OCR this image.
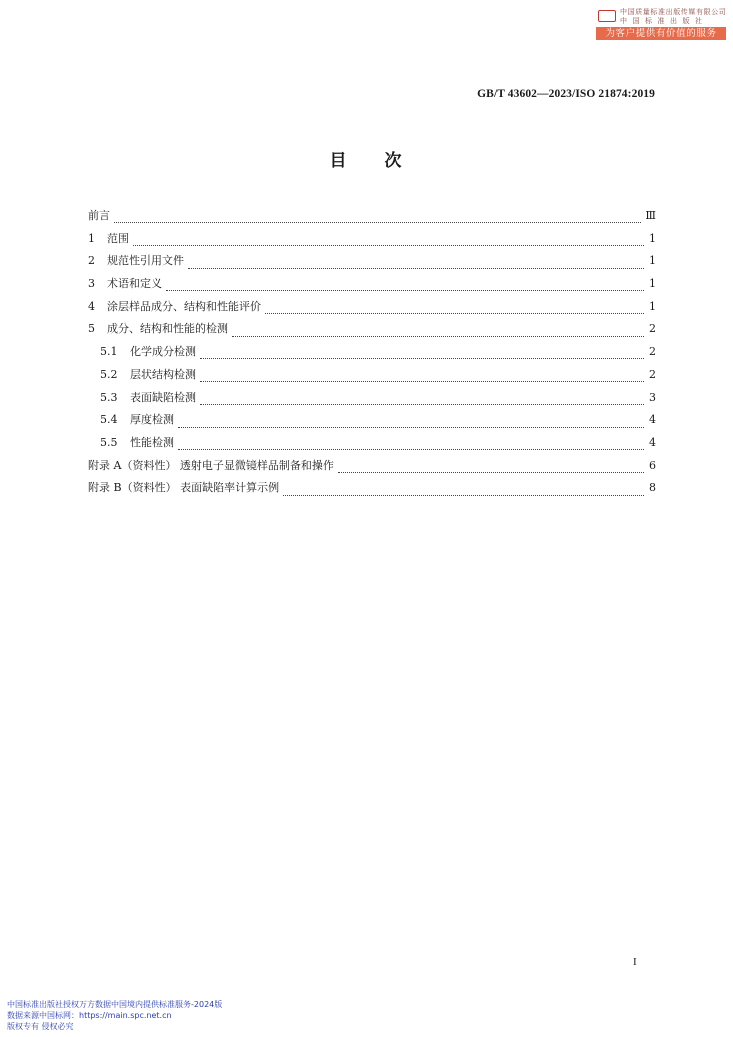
中国质量标准出版传媒有限公司
中国标准出版社
为客户提供有价值的服务
GB/T 43602—2023/ISO 21874:2019
目 次
前言	Ⅲ
1	范围	1
2	规范性引用文件	1
3	术语和定义	1
4	涂层样品成分、结构和性能评价	1
5	成分、结构和性能的检测	2
5.1	化学成分检测	2
5.2	层状结构检测	2
5.3	表面缺陷检测	3
5.4	厚度检测	4
5.5	性能检测	4
附录 A（资料性） 透射电子显微镜样品制备和操作	6
附录 B（资料性） 表面缺陷率计算示例	8
I
中国标准出版社授权万方数据中国境内提供标准服务-2024版
数据来源中国标网：https://main.spc.net.cn
版权专有 侵权必究
